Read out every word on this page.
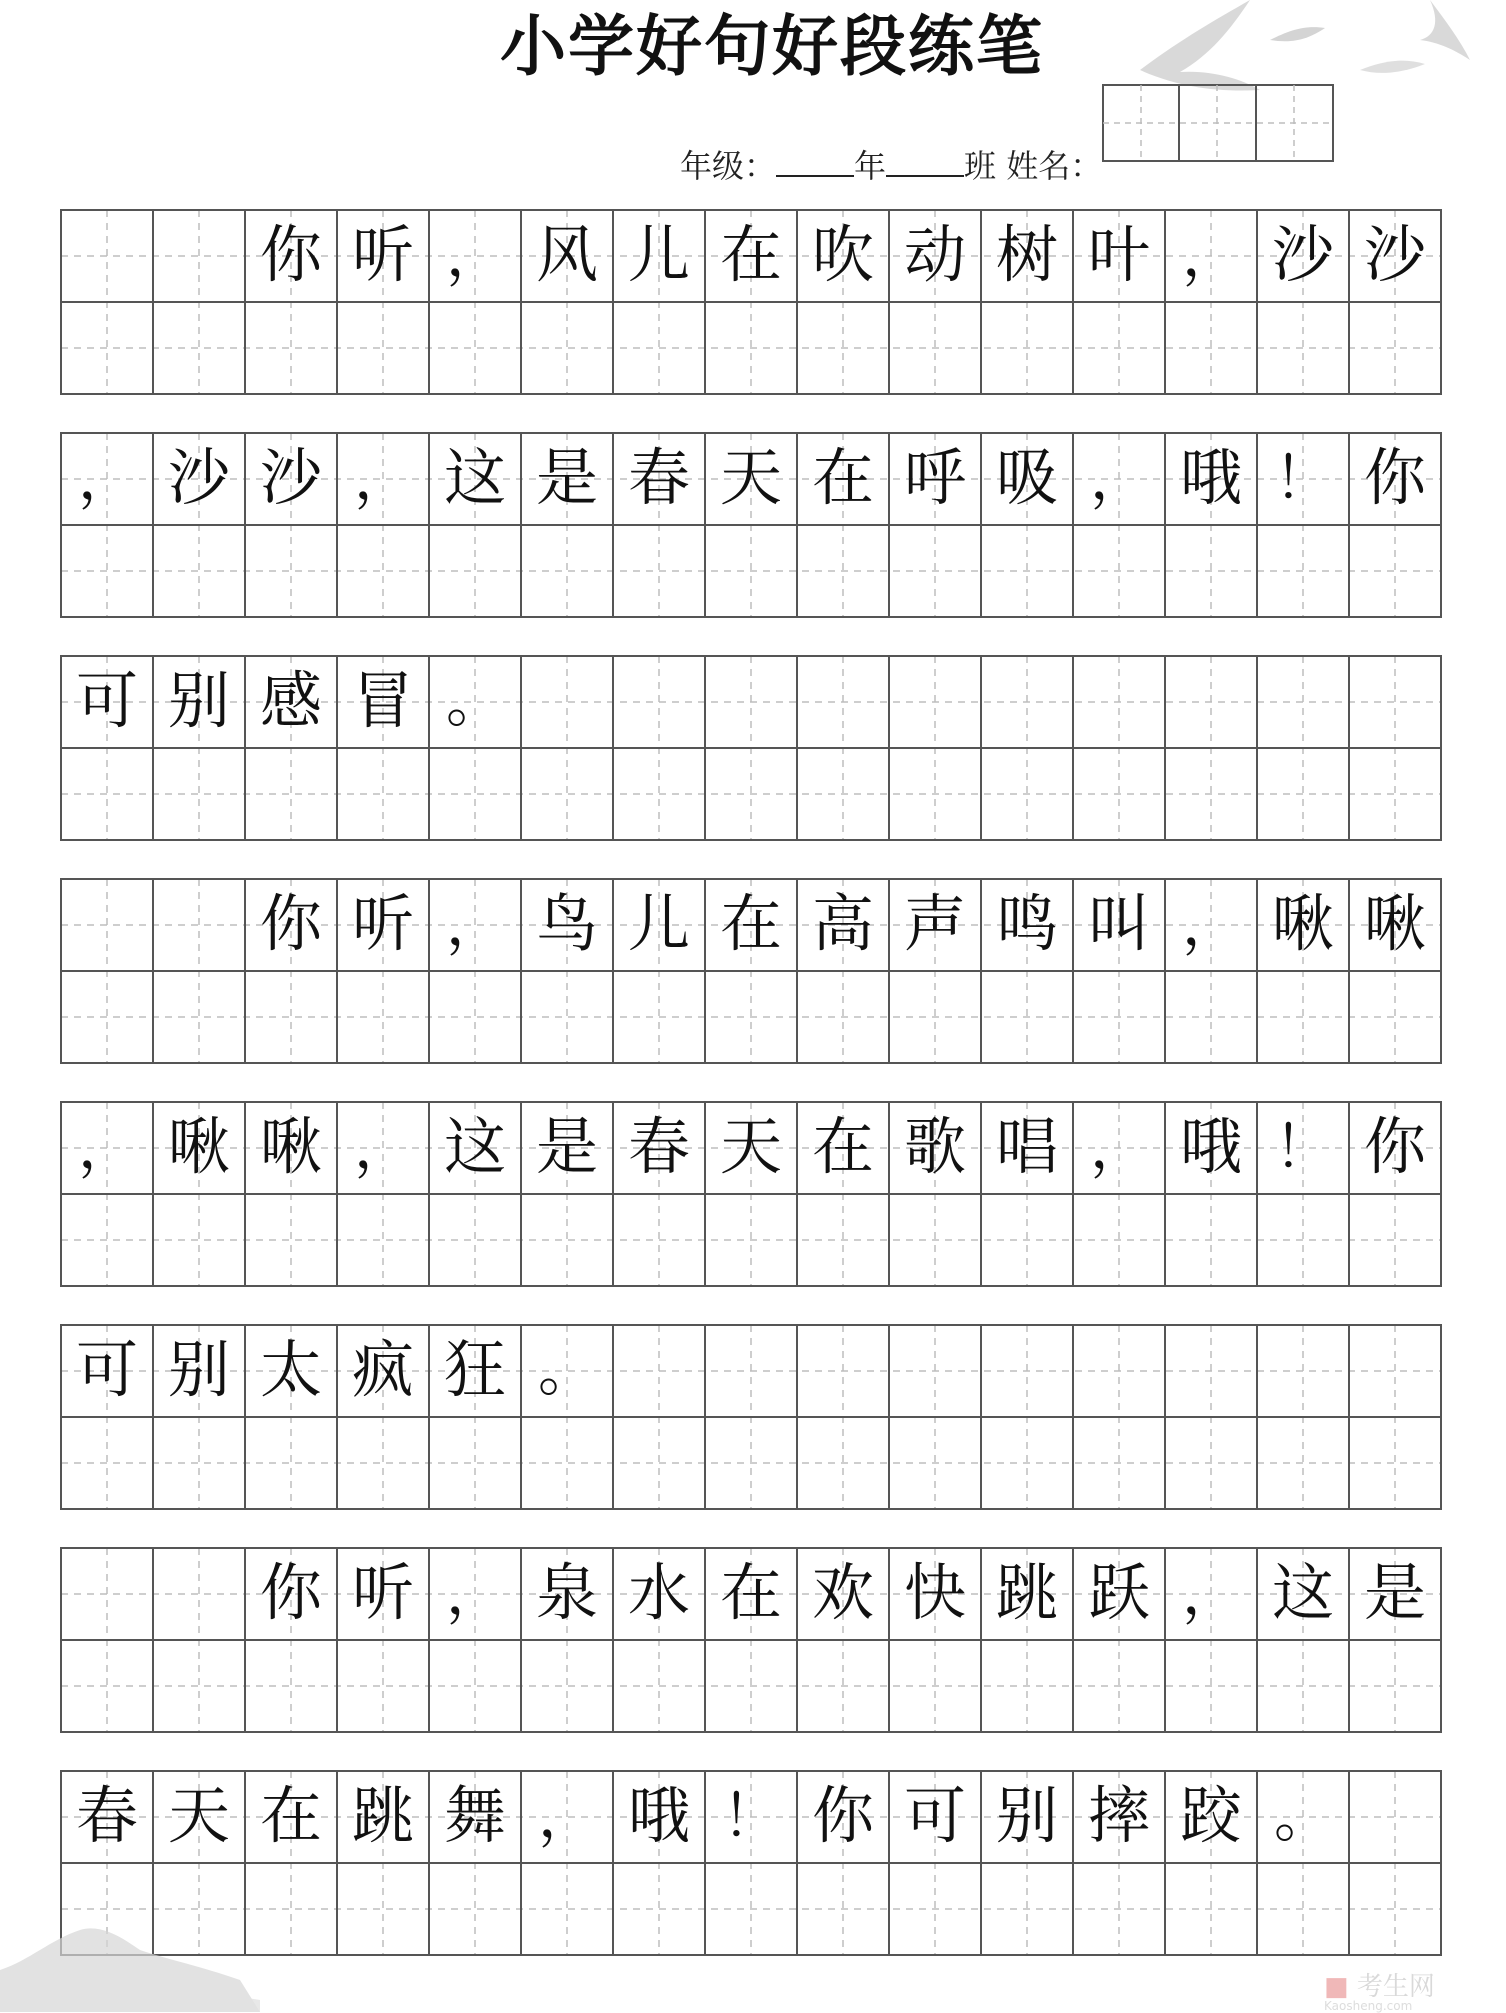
小学好句好段练笔
年级： 年 班 姓名：
你 听 ， 风 儿 在 吹 动 树 叶 ， 沙 沙
， 沙 沙 ， 这 是 春 天 在 呼 吸 ， 哦 ！ 你
可 别 感 冒 。
你 听 ， 鸟 儿 在 高 声 鸣 叫 ， 啾 啾
， 啾 啾 ， 这 是 春 天 在 歌 唱 ， 哦 ！ 你
可 别 太 疯 狂 。
你 听 ， 泉 水 在 欢 快 跳 跃 ， 这 是
春 天 在 跳 舞 ， 哦 ！ 你 可 别 摔 跤 。
■ 考生网
Kaosheng.com
